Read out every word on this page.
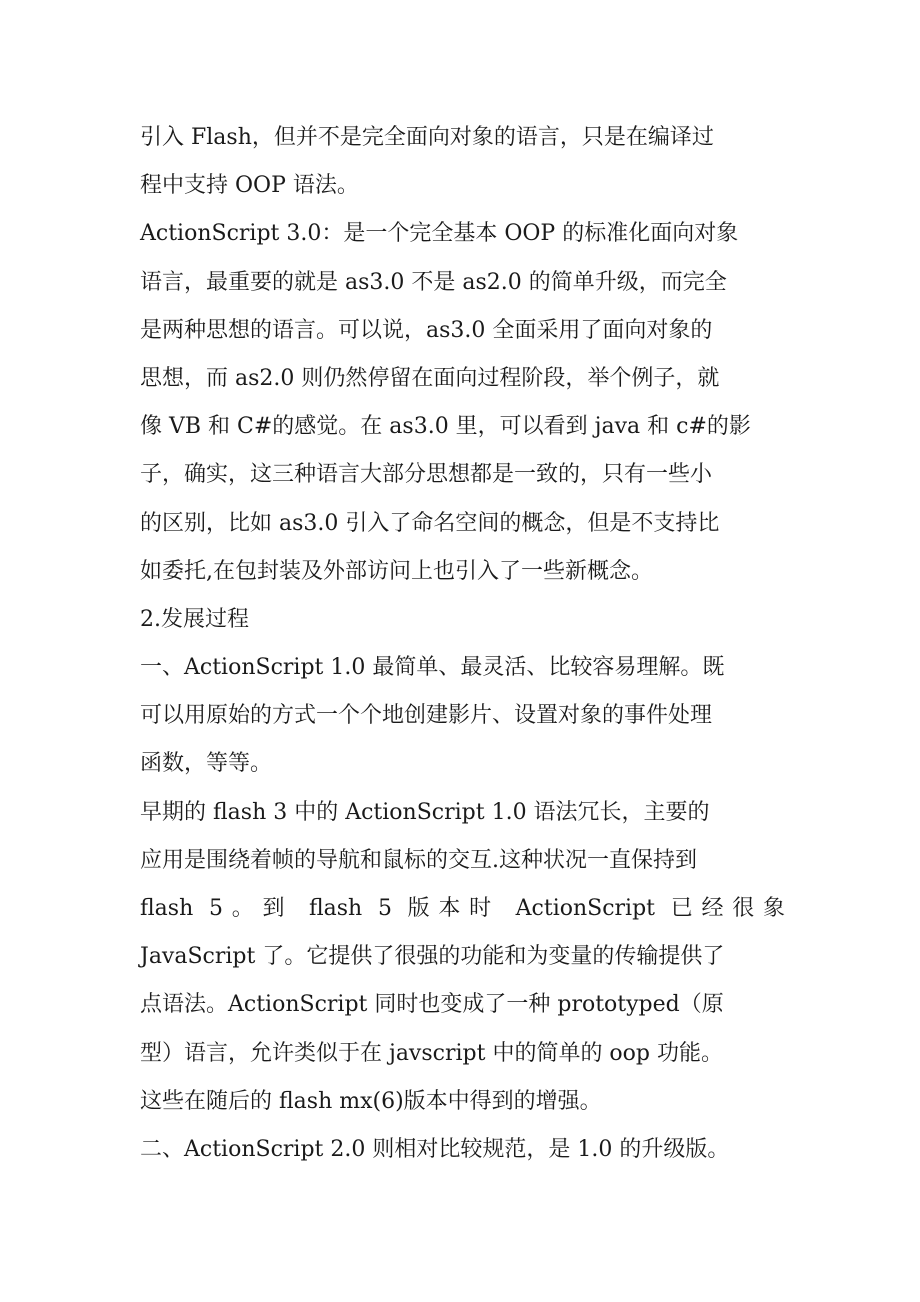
引入 Flash，但并不是完全面向对象的语言，只是在编译过
程中支持 OOP 语法。
ActionScript 3.0：是一个完全基本 OOP 的标准化面向对象
语言，最重要的就是 as3.0 不是 as2.0 的简单升级，而完全
是两种思想的语言。可以说，as3.0 全面采用了面向对象的
思想，而 as2.0 则仍然停留在面向过程阶段，举个例子，就
像 VB 和 C#的感觉。在 as3.0 里，可以看到 java 和 c#的影
子，确实，这三种语言大部分思想都是一致的，只有一些小
的区别，比如 as3.0 引入了命名空间的概念，但是不支持比
如委托,在包封装及外部访问上也引入了一些新概念。
2.发展过程
一、ActionScript 1.0 最简单、最灵活、比较容易理解。既
可以用原始的方式一个个地创建影片、设置对象的事件处理
函数，等等。
早期的 flash 3 中的 ActionScript 1.0 语法冗长，主要的
应用是围绕着帧的导航和鼠标的交互.这种状况一直保持到
flash 5。到 flash 5 版本时 ActionScript 已经很象
JavaScript 了。它提供了很强的功能和为变量的传输提供了
点语法。ActionScript 同时也变成了一种 prototyped（原
型）语言，允许类似于在 javscript 中的简单的 oop 功能。
这些在随后的 flash mx(6)版本中得到的增强。
二、ActionScript 2.0 则相对比较规范，是 1.0 的升级版。
